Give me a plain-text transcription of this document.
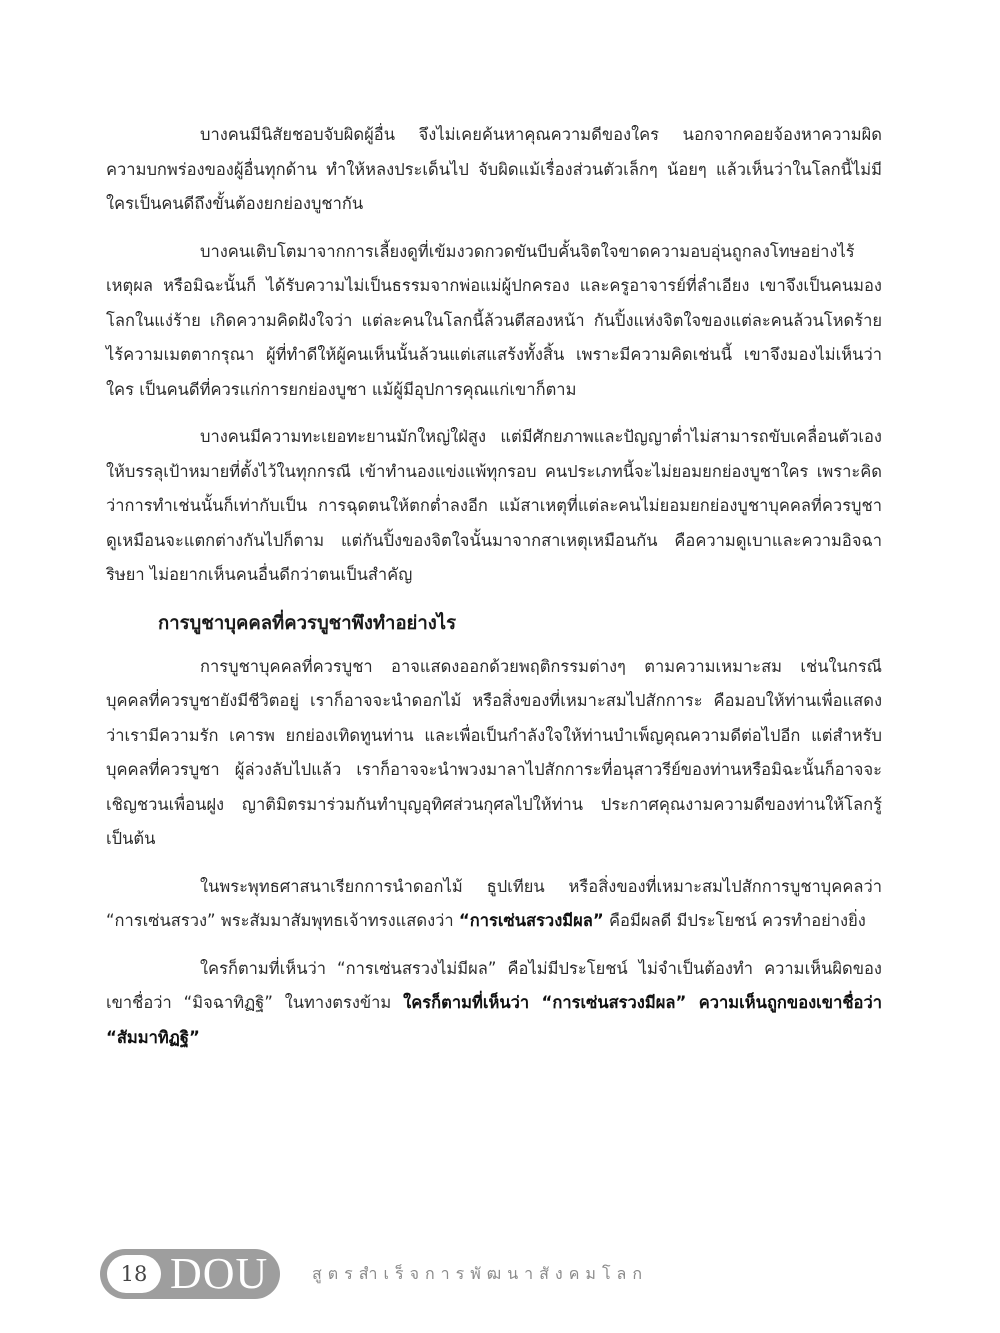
บางคนมีนิสัยชอบจับผิดผู้อื่น จึงไม่เคยค้นหาคุณความดีของใคร นอกจากคอยจ้องหาความผิดความบกพร่องของผู้อื่นทุกด้าน ทำให้หลงประเด็นไป จับผิดแม้เรื่องส่วนตัวเล็กๆ น้อยๆ แล้วเห็นว่าในโลกนี้ไม่มีใครเป็นคนดีถึงขั้นต้องยกย่องบูชากัน

บางคนเติบโตมาจากการเลี้ยงดูที่เข้มงวดกวดขันบีบคั้นจิตใจขาดความอบอุ่นถูกลงโทษอย่างไร้เหตุผล หรือมิฉะนั้นก็ ได้รับความไม่เป็นธรรมจากพ่อแม่ผู้ปกครอง และครูอาจารย์ที่ลำเอียง เขาจึงเป็นคนมองโลกในแง่ร้าย เกิดความคิดฝังใจว่า แต่ละคนในโลกนี้ล้วนตีสองหน้า กันปิ้งแห่งจิตใจของแต่ละคนล้วนโหดร้าย ไร้ความเมตตากรุณา ผู้ที่ทำดีให้ผู้คนเห็นนั้นล้วนแต่เสแสร้งทั้งสิ้น เพราะมีความคิดเช่นนี้ เขาจึงมองไม่เห็นว่าใคร เป็นคนดีที่ควรแก่การยกย่องบูชา แม้ผู้มีอุปการคุณแก่เขาก็ตาม

บางคนมีความทะเยอทะยานมักใหญ่ใฝ่สูง แต่มีศักยภาพและปัญญาต่ำไม่สามารถขับเคลื่อนตัวเองให้บรรลุเป้าหมายที่ตั้งไว้ในทุกกรณี เข้าทำนองแข่งแพ้ทุกรอบ คนประเภทนี้จะไม่ยอมยกย่องบูชาใคร เพราะคิดว่าการทำเช่นนั้นก็เท่ากับเป็น การฉุดตนให้ตกต่ำลงอีก แม้สาเหตุที่แต่ละคนไม่ยอมยกย่องบูชาบุคคลที่ควรบูชา ดูเหมือนจะแตกต่างกันไปก็ตาม แต่กันปิ้งของจิตใจนั้นมาจากสาเหตุเหมือนกัน คือความดูเบาและความอิจฉาริษยา ไม่อยากเห็นคนอื่นดีกว่าตนเป็นสำคัญ

การบูชาบุคคลที่ควรบูชาพึงทำอย่างไร

การบูชาบุคคลที่ควรบูชา อาจแสดงออกด้วยพฤติกรรมต่างๆ ตามความเหมาะสม เช่นในกรณีบุคคลที่ควรบูชายังมีชีวิตอยู่ เราก็อาจจะนำดอกไม้ หรือสิ่งของที่เหมาะสมไปสักการะ คือมอบให้ท่านเพื่อแสดงว่าเรามีความรัก เคารพ ยกย่องเทิดทูนท่าน และเพื่อเป็นกำลังใจให้ท่านบำเพ็ญคุณความดีต่อไปอีก แต่สำหรับบุคคลที่ควรบูชา ผู้ล่วงลับไปแล้ว เราก็อาจจะนำพวงมาลาไปสักการะที่อนุสาวรีย์ของท่านหรือมิฉะนั้นก็อาจจะเชิญชวนเพื่อนฝูง ญาติมิตรมาร่วมกันทำบุญอุทิศส่วนกุศลไปให้ท่าน ประกาศคุณงามความดีของท่านให้โลกรู้ เป็นต้น

ในพระพุทธศาสนาเรียกการนำดอกไม้ ธูปเทียน หรือสิ่งของที่เหมาะสมไปสักการบูชาบุคคลว่า “การเซ่นสรวง” พระสัมมาสัมพุทธเจ้าทรงแสดงว่า “การเซ่นสรวงมีผล” คือมีผลดี มีประโยชน์ ควรทำอย่างยิ่ง

ใครก็ตามที่เห็นว่า “การเซ่นสรวงไม่มีผล” คือไม่มีประโยชน์ ไม่จำเป็นต้องทำ ความเห็นผิดของเขาชื่อว่า “มิจฉาทิฏฐิ” ในทางตรงข้าม ใครก็ตามที่เห็นว่า “การเซ่นสรวงมีผล” ความเห็นถูกของเขาชื่อว่า “สัมมาทิฏฐิ”

18 DOU	สูตรสำเร็จการพัฒนาสังคมโลก
